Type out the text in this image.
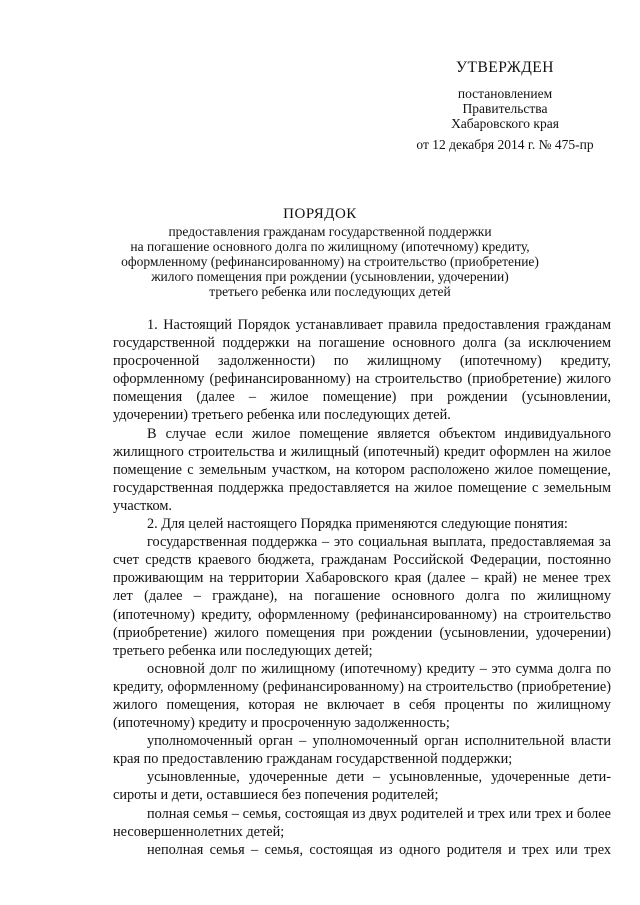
УТВЕРЖДЕН
постановлением
Правительства
Хабаровского края
от 12 декабря 2014 г. № 475-пр
ПОРЯДОК
предоставления гражданам государственной поддержки
на погашение основного долга по жилищному (ипотечному) кредиту,
оформленному (рефинансированному) на строительство (приобретение)
жилого помещения при рождении (усыновлении, удочерении)
третьего ребенка или последующих детей

1. Настоящий Порядок устанавливает правила предоставления гражданам государственной поддержки на погашение основного долга (за исключением просроченной задолженности) по жилищному (ипотечному) кредиту, оформленному (рефинансированному) на строительство (приобретение) жилого помещения (далее – жилое помещение) при рождении (усыновлении, удочерении) третьего ребенка или последующих детей.

В случае если жилое помещение является объектом индивидуального жилищного строительства и жилищный (ипотечный) кредит оформлен на жилое помещение с земельным участком, на котором расположено жилое помещение, государственная поддержка предоставляется на жилое помещение с земельным участком.

2. Для целей настоящего Порядка применяются следующие понятия:

государственная поддержка – это социальная выплата, предоставляемая за счет средств краевого бюджета, гражданам Российской Федерации, постоянно проживающим на территории Хабаровского края (далее – край) не менее трех лет (далее – граждане), на погашение основного долга по жилищному (ипотечному) кредиту, оформленному (рефинансированному) на строительство (приобретение) жилого помещения при рождении (усыновлении, удочерении) третьего ребенка или последующих детей;

основной долг по жилищному (ипотечному) кредиту – это сумма долга по кредиту, оформленному (рефинансированному) на строительство (приобретение) жилого помещения, которая не включает в себя проценты по жилищному (ипотечному) кредиту и просроченную задолженность;

уполномоченный орган – уполномоченный орган исполнительной власти края по предоставлению гражданам государственной поддержки;

усыновленные, удочеренные дети – усыновленные, удочеренные дети-сироты и дети, оставшиеся без попечения родителей;

полная семья – семья, состоящая из двух родителей и трех или трех и более несовершеннолетних детей;

неполная семья – семья, состоящая из одного родителя и трех или трех
